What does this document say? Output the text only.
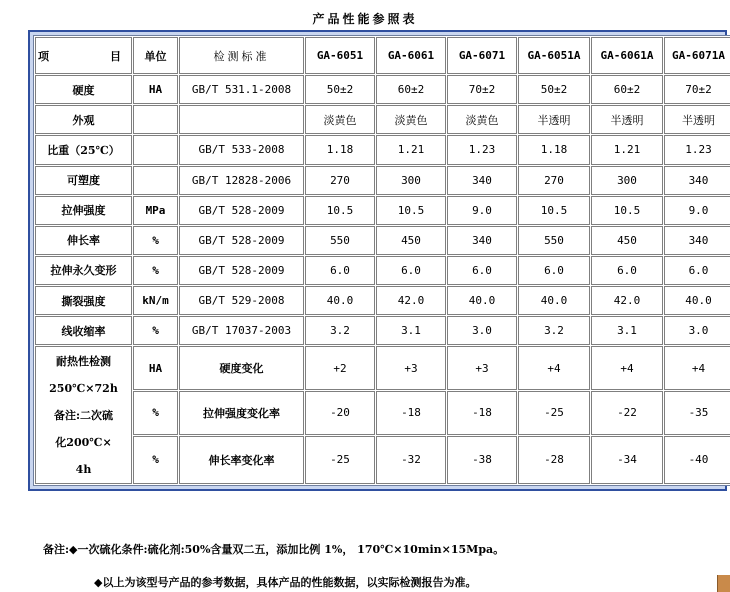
产品性能参照表
项 目	单位	检测标准	GA-6051	GA-6061	GA-6071	GA-6051A	GA-6061A	GA-6071A
硬度	HA	GB/T 531.1-2008	50±2	60±2	70±2	50±2	60±2	70±2
外观			淡黄色	淡黄色	淡黄色	半透明	半透明	半透明
比重（25℃）		GB/T 533-2008	1.18	1.21	1.23	1.18	1.21	1.23
可塑度		GB/T 12828-2006	270	300	340	270	300	340
拉伸强度	MPa	GB/T 528-2009	10.5	10.5	9.0	10.5	10.5	9.0
伸长率	%	GB/T 528-2009	550	450	340	550	450	340
拉伸永久变形	%	GB/T 528-2009	6.0	6.0	6.0	6.0	6.0	6.0
撕裂强度	kN/m	GB/T 529-2008	40.0	42.0	40.0	40.0	42.0	40.0
线收缩率	%	GB/T 17037-2003	3.2	3.1	3.0	3.2	3.1	3.0

耐热性检测
250℃×72h
备注:二次硫
化200℃×
4h	HA	硬度变化	+2	+3	+3	+4	+4	+4
	%	拉伸强度变化率	-20	-18	-18	-25	-22	-35
	%	伸长率变化率	-25	-32	-38	-28	-34	-40
备注:◆一次硫化条件:硫化剂:50%含量双二五，添加比例 1%， 170℃×10min×15Mpa。
◆以上为该型号产品的参考数据，具体产品的性能数据，以实际检测报告为准。
